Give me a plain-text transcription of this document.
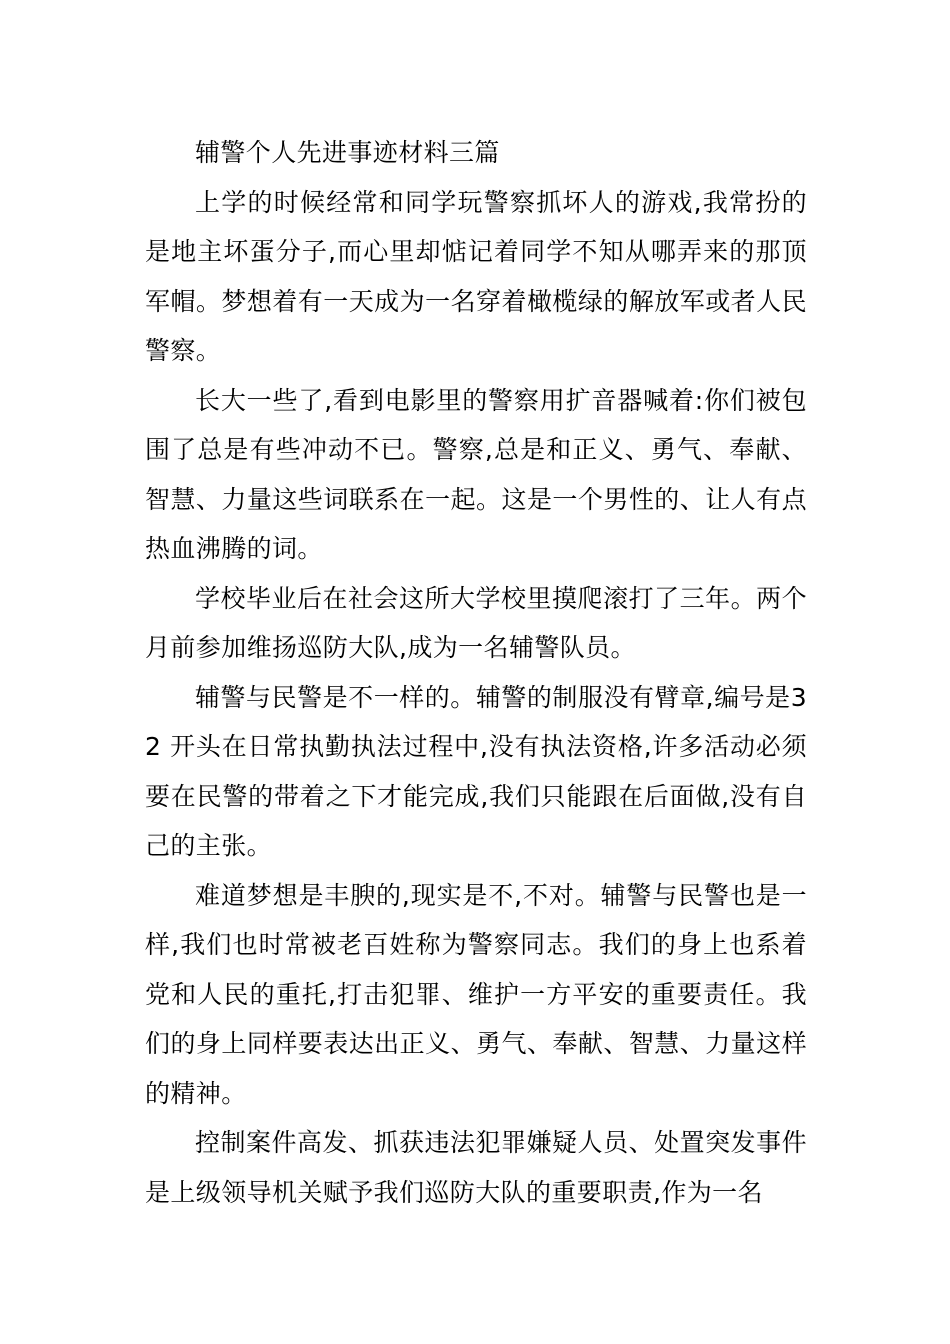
辅警个人先进事迹材料三篇

上学的时候经常和同学玩警察抓坏人的游戏,我常扮的是地主坏蛋分子,而心里却惦记着同学不知从哪弄来的那顶军帽。梦想着有一天成为一名穿着橄榄绿的解放军或者人民警察。

长大一些了,看到电影里的警察用扩音器喊着:你们被包围了总是有些冲动不已。警察,总是和正义、勇气、奉献、智慧、力量这些词联系在一起。这是一个男性的、让人有点热血沸腾的词。

学校毕业后在社会这所大学校里摸爬滚打了三年。两个月前参加维扬巡防大队,成为一名辅警队员。

辅警与民警是不一样的。辅警的制服没有臂章,编号是32 开头在日常执勤执法过程中,没有执法资格,许多活动必须要在民警的带着之下才能完成,我们只能跟在后面做,没有自己的主张。

难道梦想是丰腴的,现实是不,不对。辅警与民警也是一样,我们也时常被老百姓称为警察同志。我们的身上也系着党和人民的重托,打击犯罪、维护一方平安的重要责任。我们的身上同样要表达出正义、勇气、奉献、智慧、力量这样的精神。

控制案件高发、抓获违法犯罪嫌疑人员、处置突发事件是上级领导机关赋予我们巡防大队的重要职责,作为一名
